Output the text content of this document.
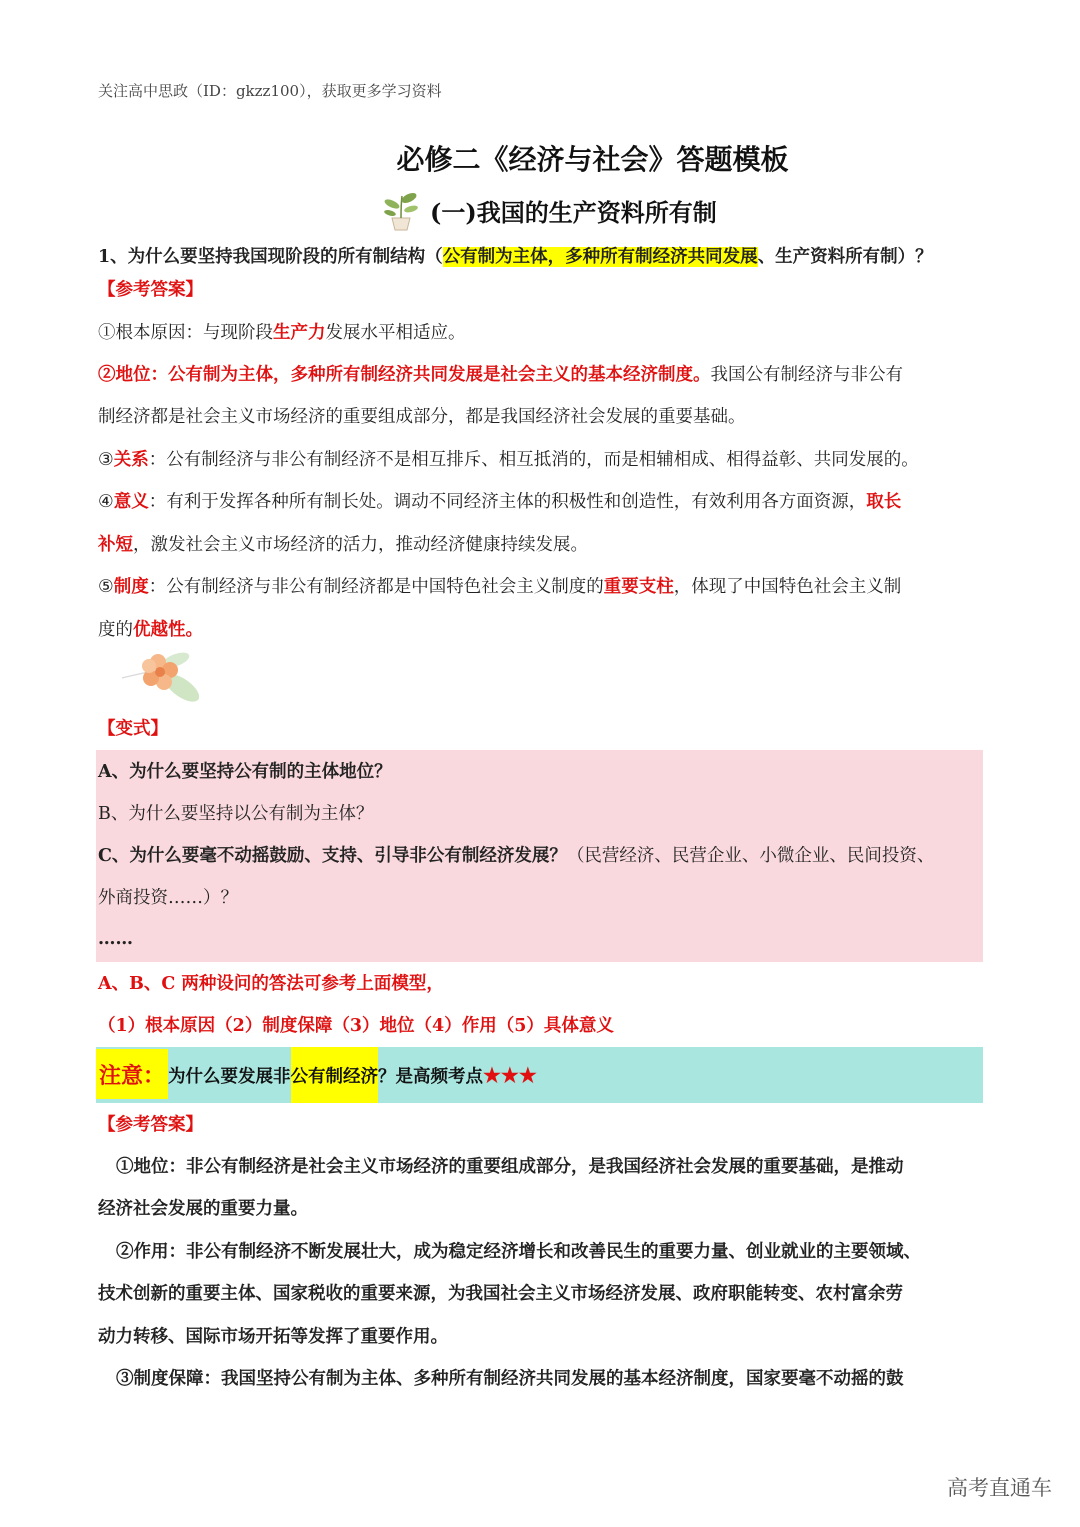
关注高中思政（ID：gkzz100），获取更多学习资料
必修二《经济与社会》答题模板
(一)我国的生产资料所有制
1、为什么要坚持我国现阶段的所有制结构（公有制为主体，多种所有制经济共同发展、生产资料所有制）？
【参考答案】
①根本原因：与现阶段生产力发展水平相适应。
②地位：公有制为主体，多种所有制经济共同发展是社会主义的基本经济制度。我国公有制经济与非公有
制经济都是社会主义市场经济的重要组成部分，都是我国经济社会发展的重要基础。
③关系：公有制经济与非公有制经济不是相互排斥、相互抵消的，而是相辅相成、相得益彰、共同发展的。
④意义：有利于发挥各种所有制长处。调动不同经济主体的积极性和创造性，有效利用各方面资源，取长
补短，激发社会主义市场经济的活力，推动经济健康持续发展。
⑤制度：公有制经济与非公有制经济都是中国特色社会主义制度的重要支柱，体现了中国特色社会主义制
度的优越性。
【变式】
A、为什么要坚持公有制的主体地位？
B、为什么要坚持以公有制为主体？
C、为什么要毫不动摇鼓励、支持、引导非公有制经济发展？（民营经济、民营企业、小微企业、民间投资、
外商投资……）？
……
A、B、C 两种设问的答法可参考上面模型，
（1）根本原因（2）制度保障（3）地位（4）作用（5）具体意义
注意： 为什么要发展非 公有制经济 ？是高频考点 ★★★
【参考答案】
①地位：非公有制经济是社会主义市场经济的重要组成部分，是我国经济社会发展的重要基础，是推动
经济社会发展的重要力量。
②作用：非公有制经济不断发展壮大，成为稳定经济增长和改善民生的重要力量、创业就业的主要领域、
技术创新的重要主体、国家税收的重要来源，为我国社会主义市场经济发展、政府职能转变、农村富余劳
动力转移、国际市场开拓等发挥了重要作用。
③制度保障：我国坚持公有制为主体、多种所有制经济共同发展的基本经济制度，国家要毫不动摇的鼓
高考直通车
